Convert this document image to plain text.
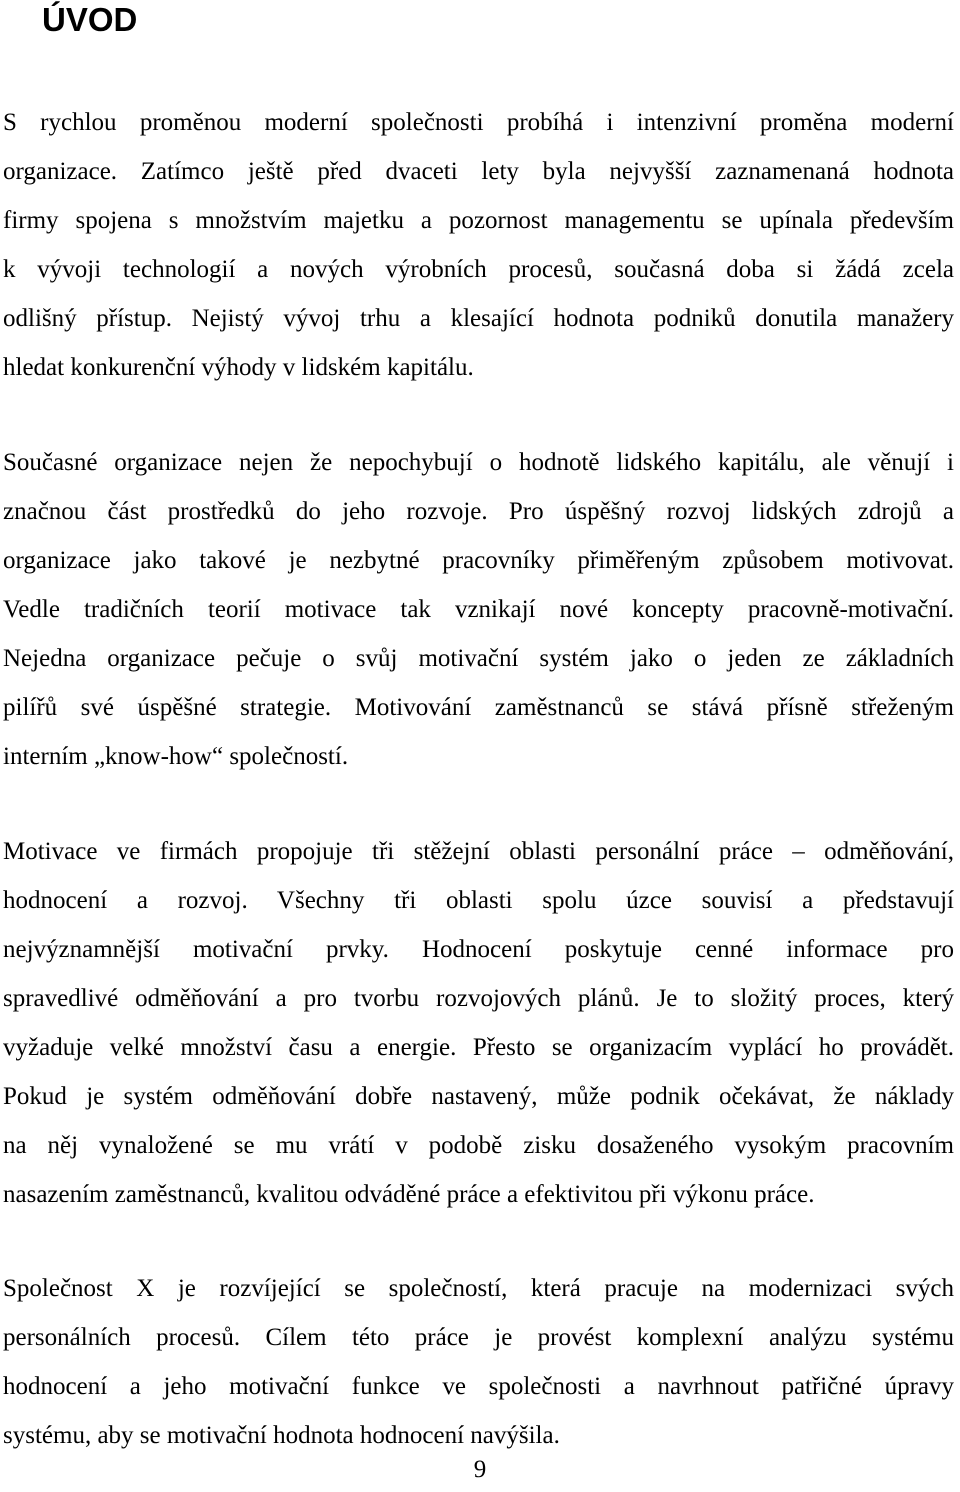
ÚVOD
S rychlou proměnou moderní společnosti probíhá i intenzivní proměna moderní
organizace. Zatímco ještě před dvaceti lety byla nejvyšší zaznamenaná hodnota
firmy spojena s množstvím majetku a pozornost managementu se upínala především
k vývoji technologií a nových výrobních procesů, současná doba si žádá zcela
odlišný přístup. Nejistý vývoj trhu a klesající hodnota podniků donutila manažery
hledat konkurenční výhody v lidském kapitálu.
Současné organizace nejen že nepochybují o hodnotě lidského kapitálu, ale věnují i
značnou část prostředků do jeho rozvoje. Pro úspěšný rozvoj lidských zdrojů a
organizace jako takové je nezbytné pracovníky přiměřeným způsobem motivovat.
Vedle tradičních teorií motivace tak vznikají nové koncepty pracovně-motivační.
Nejedna organizace pečuje o svůj motivační systém jako o jeden ze základních
pilířů své úspěšné strategie. Motivování zaměstnanců se stává přísně střeženým
interním „know-how“ společností.
Motivace ve firmách propojuje tři stěžejní oblasti personální práce – odměňování,
hodnocení a rozvoj. Všechny tři oblasti spolu úzce souvisí a představují
nejvýznamnější motivační prvky. Hodnocení poskytuje cenné informace pro
spravedlivé odměňování a pro tvorbu rozvojových plánů. Je to složitý proces, který
vyžaduje velké množství času a energie. Přesto se organizacím vyplácí ho provádět.
Pokud je systém odměňování dobře nastavený, může podnik očekávat, že náklady
na něj vynaložené se mu vrátí v podobě zisku dosaženého vysokým pracovním
nasazením zaměstnanců, kvalitou odváděné práce a efektivitou při výkonu práce.
Společnost X je rozvíjející se společností, která pracuje na modernizaci svých
personálních procesů. Cílem této práce je provést komplexní analýzu systému
hodnocení a jeho motivační funkce ve společnosti a navrhnout patřičné úpravy
systému, aby se motivační hodnota hodnocení navýšila.
9
